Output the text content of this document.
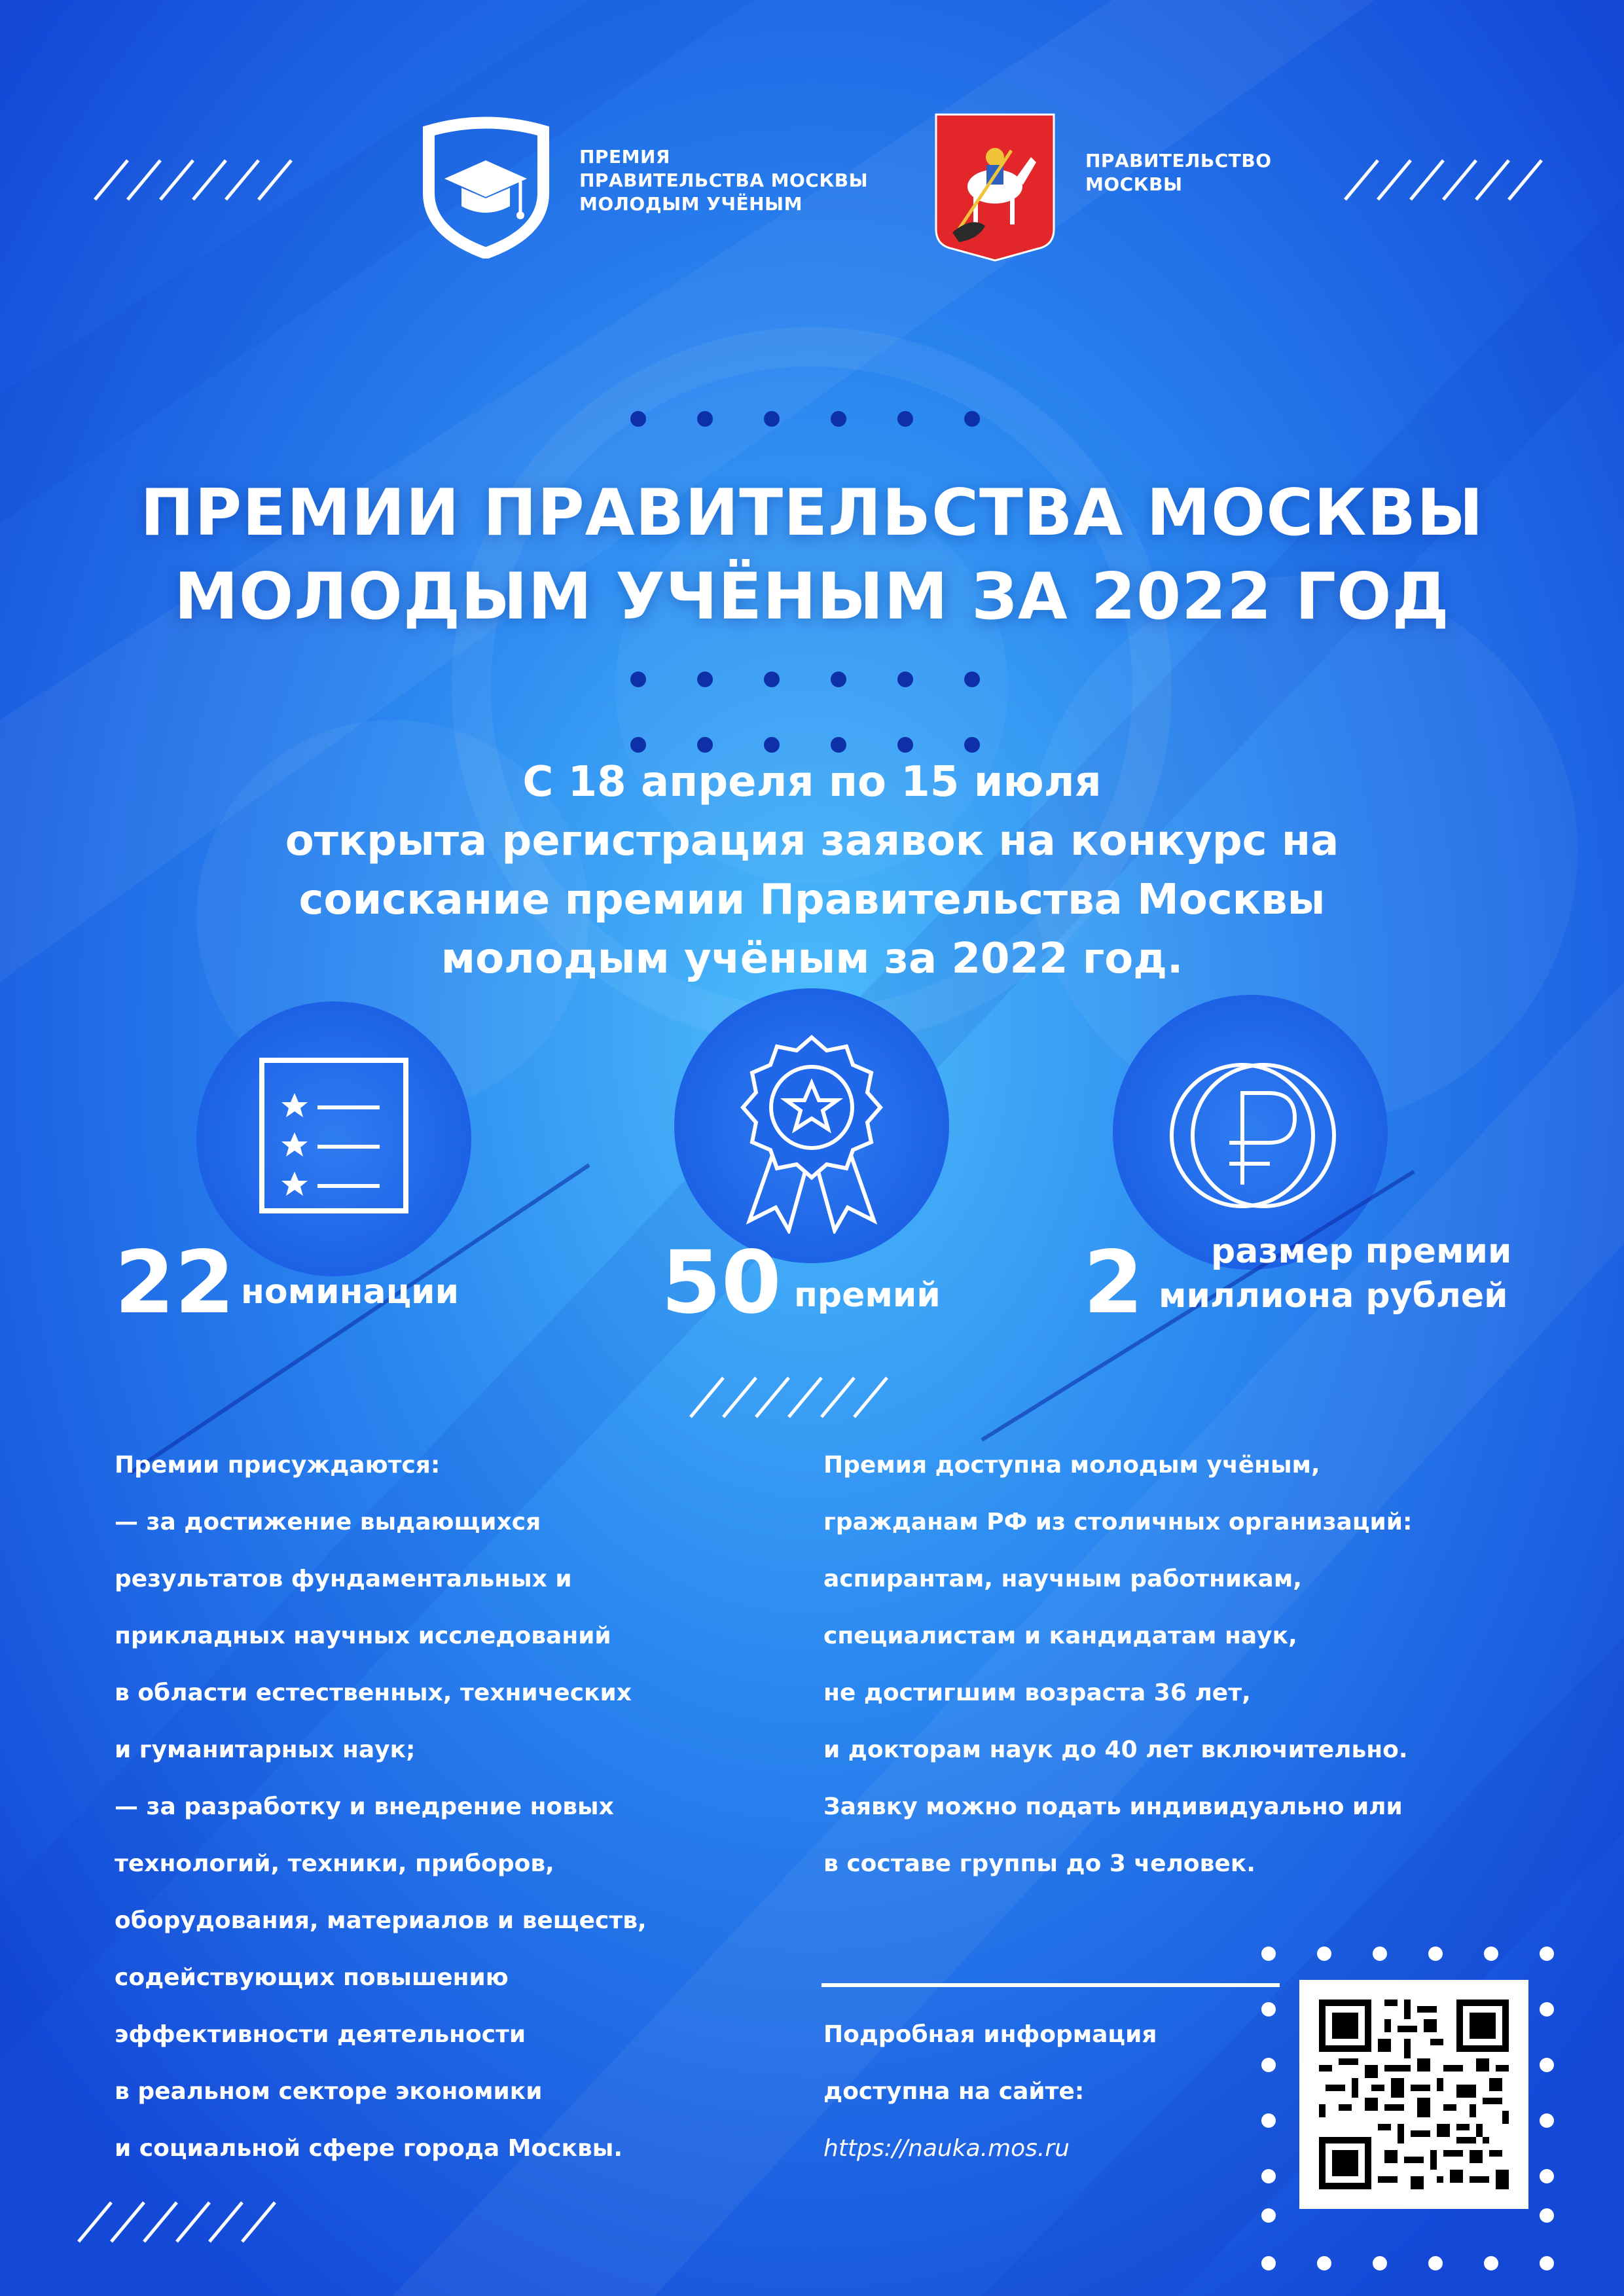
ПРЕМИЯ
ПРАВИТЕЛЬСТВА МОСКВЫ
МОЛОДЫМ УЧЁНЫМ
ПРАВИТЕЛЬСТВО
МОСКВЫ
ПРЕМИИ ПРАВИТЕЛЬСТВА МОСКВЫ
МОЛОДЫМ УЧЁНЫМ ЗА 2022 ГОД
С 18 апреля по 15 июля
открыта регистрация заявок на конкурс на
соискание премии Правительства Москвы
молодым учёным за 2022 год.
22 номинации 50 премий 2 размер премии
миллиона рублей
Премии присуждаются:
— за достижение выдающихся
результатов фундаментальных и
прикладных научных исследований
в области естественных, технических
и гуманитарных наук;
— за разработку и внедрение новых
технологий, техники, приборов,
оборудования, материалов и веществ,
содействующих повышению
эффективности деятельности
в реальном секторе экономики
и социальной сфере города Москвы.
Премия доступна молодым учёным,
гражданам РФ из столичных организаций:
аспирантам, научным работникам,
специалистам и кандидатам наук,
не достигшим возраста 36 лет,
и докторам наук до 40 лет включительно.
Заявку можно подать индивидуально или
в составе группы до 3 человек.
Подробная информация
доступна на сайте:
https://nauka.mos.ru
